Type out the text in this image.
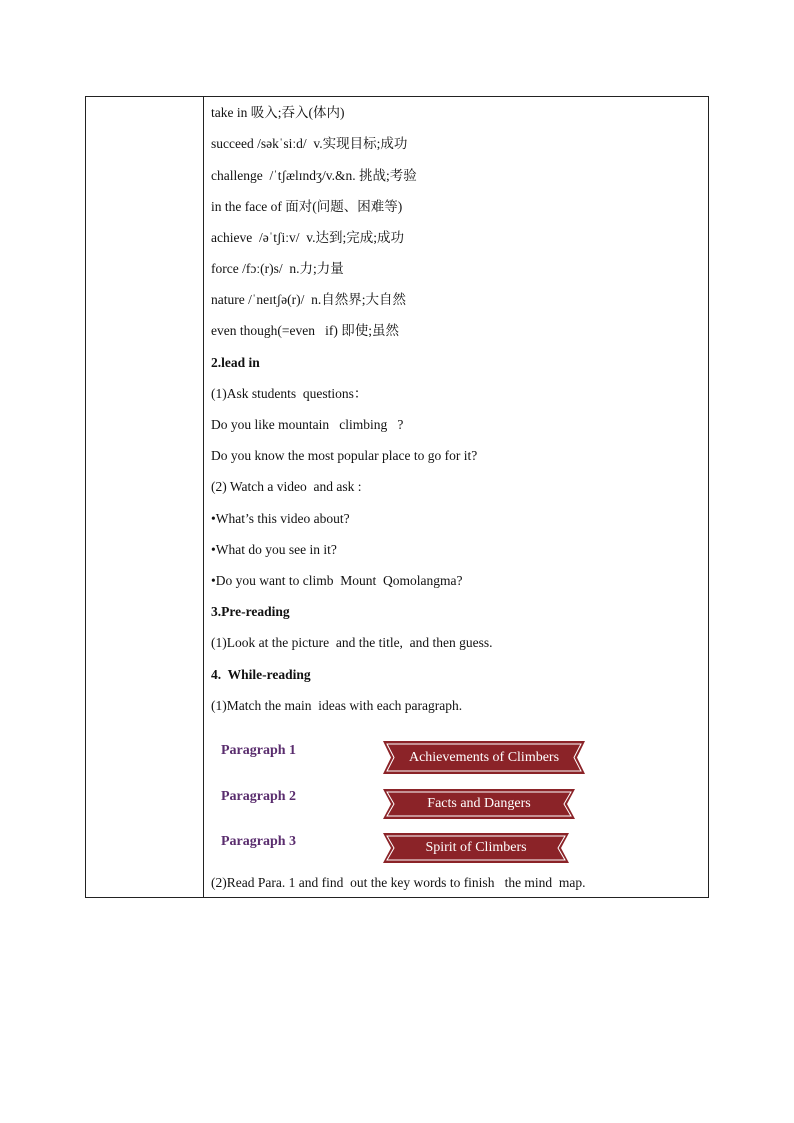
take in 吸入;吞入(体内)
succeed /səkˈsiːd/  v.实现目标;成功
challenge  /ˈtʃælɪndʒ/v.&n. 挑战;考验
in the face of 面对(问题、困难等)
achieve  /əˈtʃiːv/  v.达到;完成;成功
force /fɔː(r)s/  n.力;力量
nature /ˈneɪtʃə(r)/  n.自然界;大自然
even though(=even   if) 即使;虽然
2.lead in
(1)Ask students  questions：
Do you like mountain   climbing   ?
Do you know the most popular place to go for it?
(2) Watch a video  and ask :
•What’s this video about?
•What do you see in it?
•Do you want to climb  Mount  Qomolangma?
3.Pre-reading
(1)Look at the picture  and the title,  and then guess.
4.  While-reading
(1)Match the main  ideas with each paragraph.
Paragraph 1
Paragraph 2
Paragraph 3
Achievements of Climbers
Facts and Dangers
Spirit of Climbers
(2)Read Para. 1 and find  out the key words to finish   the mind  map.
